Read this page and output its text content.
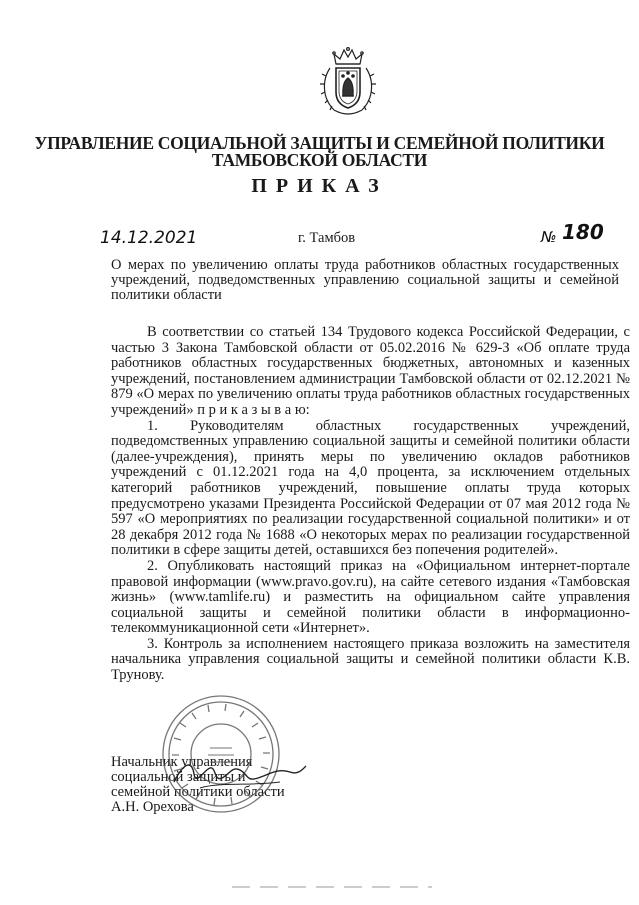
УПРАВЛЕНИЕ СОЦИАЛЬНОЙ ЗАЩИТЫ И СЕМЕЙНОЙ ПОЛИТИКИ
ТАМБОВСКОЙ ОБЛАСТИ
ПРИКАЗ
14.12.2021	г. Тамбов	№ 180

О мерах по увеличению оплаты труда работников областных государственных учреждений, подведомственных управлению социальной защиты и семейной политики области

В соответствии со статьей 134 Трудового кодекса Российской Федерации, с частью 3 Закона Тамбовской области от 05.02.2016 № 629-З «Об оплате труда работников областных государственных бюджетных, автономных и казенных учреждений, постановлением администрации Тамбовской области от 02.12.2021 № 879 «О мерах по увеличению оплаты труда работников областных государственных учреждений» п р и к а з ы в а ю:

1. Руководителям областных государственных учреждений, подведомственных управлению социальной защиты и семейной политики области (далее-учреждения), принять меры по увеличению окладов работников учреждений с 01.12.2021 года на 4,0 процента, за исключением отдельных категорий работников учреждений, повышение оплаты труда которых предусмотрено указами Президента Российской Федерации от 07 мая 2012 года № 597 «О мероприятиях по реализации государственной социальной политики» и от 28 декабря 2012 года № 1688 «О некоторых мерах по реализации государственной политики в сфере защиты детей, оставшихся без попечения родителей».

2. Опубликовать настоящий приказ на «Официальном интернет-портале правовой информации (www.pravo.gov.ru), на сайте сетевого издания «Тамбовская жизнь» (www.tamlife.ru) и разместить на официальном сайте управления социальной защиты и семейной политики области в информационно-телекоммуникационной сети «Интернет».

3. Контроль за исполнением настоящего приказа возложить на заместителя начальника управления социальной защиты и семейной политики области К.В. Трунову.

Начальник управления
социальной защиты и
семейной политики области
А.Н. Орехова
